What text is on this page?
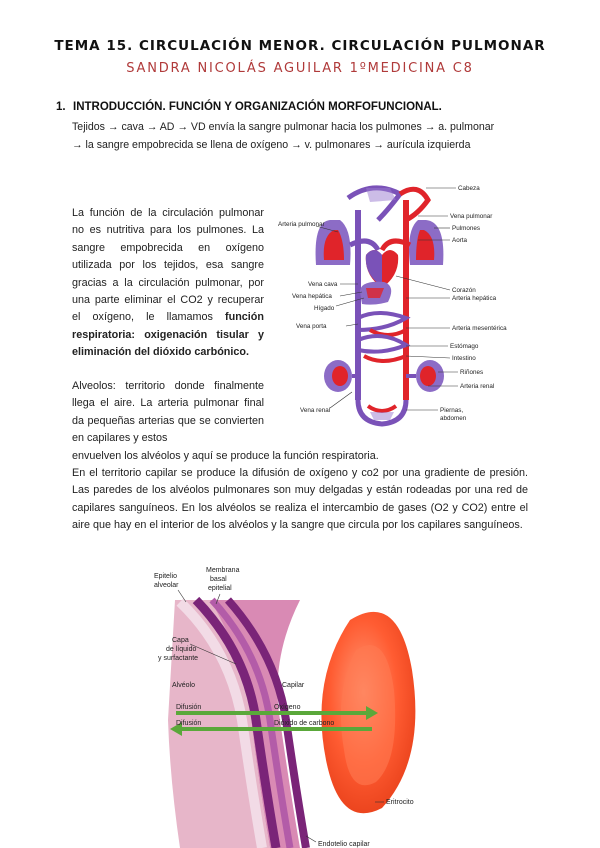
TEMA 15. CIRCULACIÓN MENOR. CIRCULACIÓN PULMONAR
SANDRA NICOLÁS AGUILAR 1ºMEDICINA C8
1. INTRODUCCIÓN. FUNCIÓN Y ORGANIZACIÓN MORFOFUNCIONAL.
Tejidos → cava → AD → VD envía la sangre pulmonar hacia los pulmones → a. pulmonar
→ la sangre empobrecida se llena de oxígeno → v. pulmonares → aurícula izquierda

La función de la circulación pulmonar no es nutritiva para los pulmones. La sangre empobrecida en oxígeno utilizada por los tejidos, esa sangre gracias a la circulación pulmonar, por una parte eliminar el CO2 y recuperar el oxígeno, le llamamos función respiratoria: oxigenación tisular y eliminación del dióxido carbónico.

Alveolos: territorio donde finalmente llega el aire. La arteria pulmonar final da pequeñas arterias que se convierten en capilares y estos
envuelven los alvéolos y aquí se produce la función respiratoria.
En el territorio capilar se produce la difusión de oxígeno y co2 por una gradiente de presión. Las paredes de los alvéolos pulmonares son muy delgadas y están rodeadas por una red de capilares sanguíneos. En los alvéolos se realiza el intercambio de gases (O2 y CO2) entre el aire que hay en el interior de los alvéolos y la sangre que circula por los capilares sanguíneos.
Cabeza
Arteria pulmonar
Vena pulmonar
Pulmones
Aorta
Corazón
Vena cava
Vena hepática	Arteria hepática
Hígado
Vena porta	Arteria mesentérica
Estómago
Intestino
Riñones
Arteria renal
Vena renal	Piernas,
abdomen
Epitelio
alveolar
Membrana
basal
epitelial
Capa
de líquido
y surfactante
Alvéolo	Capilar
Difusión	Oxígeno
Difusión	Dióxido de carbono
Eritrocito
Endotelio capilar
